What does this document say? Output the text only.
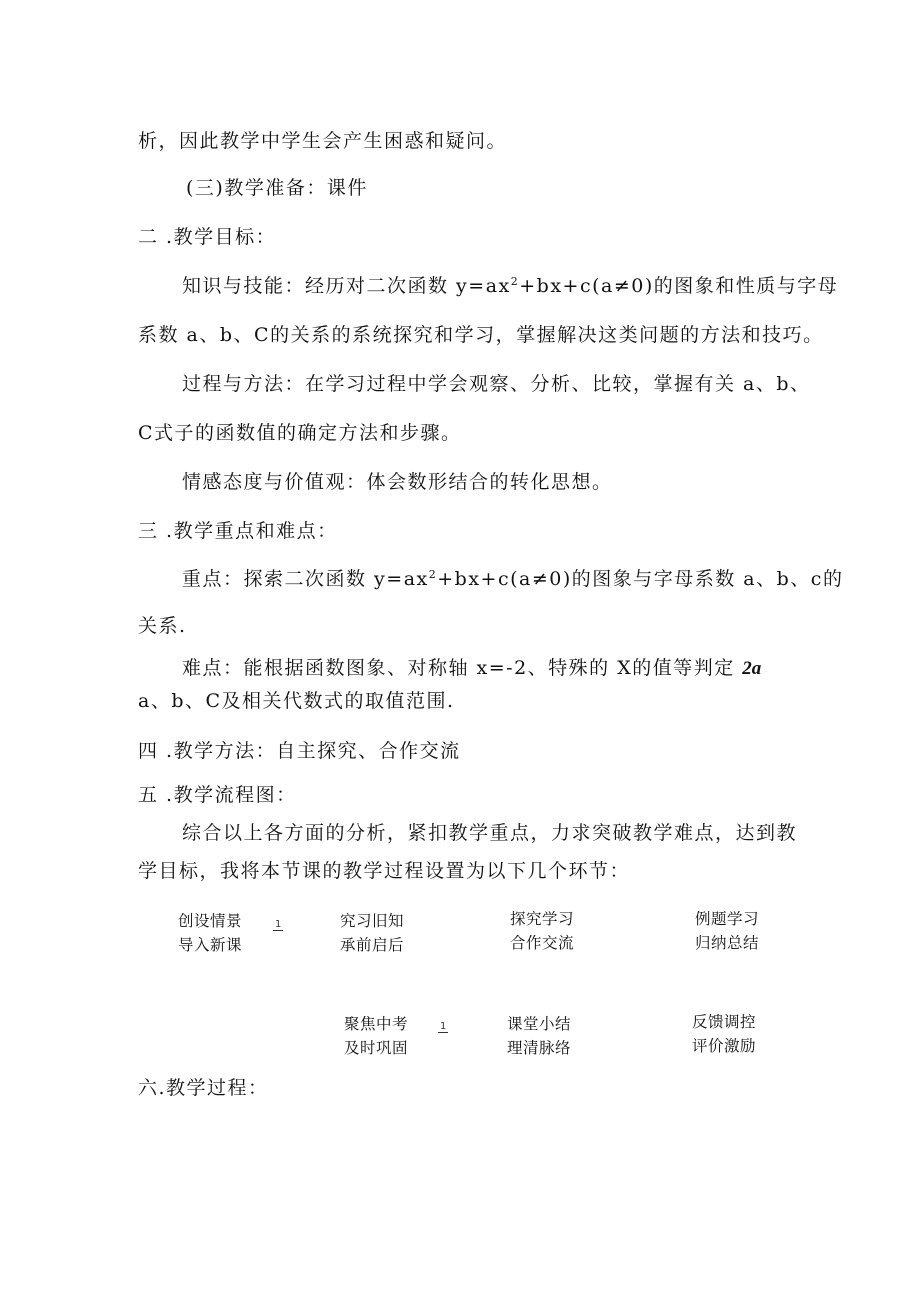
析，因此教学中学生会产生困惑和疑问。
(三)教学准备：课件
二 .教学目标：
知识与技能：经历对二次函数 $y=ax^2+bx+c(a\ne 0)$的图象和性质与字母
系数 a、b、C的关系的系统探究和学习，掌握解决这类问题的方法和技巧。
过程与方法：在学习过程中学会观察、分析、比较，掌握有关 a、b、
C式子的函数值的确定方法和步骤。
情感态度与价值观：体会数形结合的转化思想。
三 .教学重点和难点：
重点：探索二次函数 $y=ax^2+bx+c(a\ne 0)$的图象与字母系数 a、b、c的
关系.
难点：能根据函数图象、对称轴 x=-2、特殊的 X的值等判定 2a
a、b、C及相关代数式的取值范围.
四 .教学方法：自主探究、合作交流
五 .教学流程图：
综合以上各方面的分析，紧扣教学重点，力求突破教学难点，达到教
学目标，我将本节课的教学过程设置为以下几个环节：
创设情景
导入新课
1	究习旧知
承前启后
探究学习
合作交流
例题学习
归纳总结
聚焦中考
及时巩固
1	课堂小结
理清脉络
反馈调控
评价激励
六.教学过程：
